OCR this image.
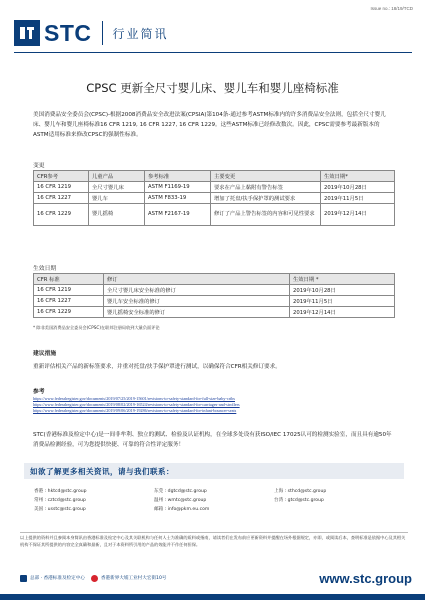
Issue no.: 18/19/TCD
STC 行业简讯
CPSC 更新全尺寸婴儿床、婴儿车和婴儿座椅标准

美国消费品安全委员会(CPSC)-根据2008消费品安全改进法案(CPSIA)第104条-通过参考ASTM标准内的许多消费品安全法则，包括全尺寸婴儿床、婴儿车和婴儿座椅标准16 CFR 1219, 16 CFR 1227, 16 CFR 1229。这些ASTM标准已经修改数次。因此，CPSC需要参考最新版本的ASTM适用标准来修改CPSC的强制性标准。

变更
CFR参考	儿童产品	参考标准	主要变更	生效日期*
16 CFR 1219	全尺寸婴儿床	ASTM F1169-19	要求在产品上黏附有警告标签	2019年10月28日
16 CFR 1227	婴儿车	ASTM F833-19	增加了托盘/扶手保护罩的测试要求	2019年11月5日
16 CFR 1229	婴儿摇椅	ASTM F2167-19	修订了产品上警告标签的内容和可见性要求	2019年12月14日
生效日期
CFR 标准	修订	生效日期 *
16 CFR 1219	全尺寸婴儿床安全标准的修订	2019年10月28日
16 CFR 1227	婴儿车安全标准的修订	2019年11月5日
16 CFR 1229	婴儿摇椅安全标准的修订	2019年12月14日
* 除非美国消费品安全委员会(CPSC)在联邦注册局收到大量负面评论
建议措施
重新评估相关产品的新标签要求，并重对托盘/扶手保护罩进行测试，以确保符合CFR相关修订要求。
参考
https://www.federalregister.gov/documents/2019/07/25/2019-15601/revisions-to-safety-standard-for-full-size-baby-cribs
https://www.federalregister.gov/documents/2019/08/02/2019-16524/revisions-to-safety-standard-for-carriages-and-strollers
https://www.federalregister.gov/documents/2019/09/06/2019-19286/revisions-to-safety-standard-for-infant-bouncer-seats

STC(香港标准及检定中心)是一间非牟利、独立的测试、检验及认证机构，在全球多处设有获ISO/IEC 17025认可的检测实验室，而且具有逾50年消费品检测经验，可为您提供快捷、可靠的符合性评定服务！

如欲了解更多相关资讯，请与我们联系：
香港 : hktcd@stc.group	东莞 : dgtcd@stc.group	上海 : sthcd@stc.group
常州 : cztcd@stc.group	温州 : wmtc@stc.group	台湾 : gtcd@stc.group
美国 : usstc@stc.group	邮箱 : info@pkm.eu.com

以上提供的资料并且参阅本身简讯由香港标准及检定中心及其关联机构与任何人士为准确的质料或指南，请读者们在发布前应更新资料并提醒在场外根据规定，亦即，或阅读后本，查明标准是依据中心及其相关机构不保证其所提供的内容完全真确和最新，且对于本资料所引用的产品的效能并不作任何担保。

总部 · 香港标准及检定中心	香港新界大埔工业村大宏街10号	www.stc.group
